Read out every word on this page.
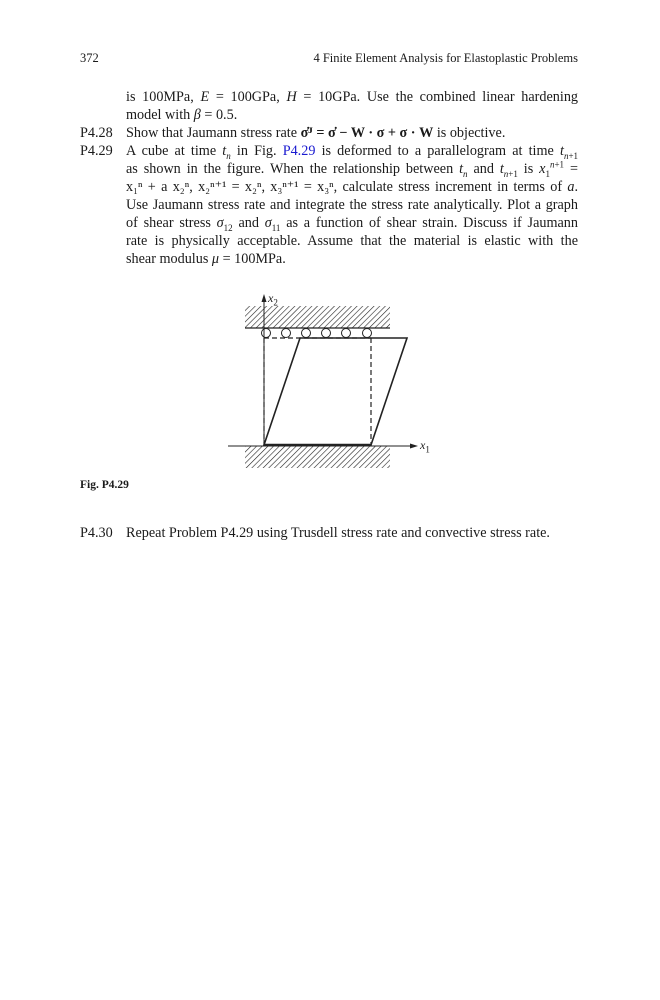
372	4 Finite Element Analysis for Elastoplastic Problems
is 100MPa, E = 100GPa, H = 10GPa. Use the combined linear hardening
model with β = 0.5.
P4.28 Show that Jaumann stress rate σ̇ᴶ = σ̇ − W · σ + σ · W is objective.
P4.29 A cube at time $t_n$ in Fig. P4.29 is deformed to a parallelogram at time $t_{n+1}$
as shown in the figure. When the relationship between $t_n$ and $t_{n+1}$ is $x_1^{n+1}$ =
x₁ⁿ + a x₂ⁿ, x₂ⁿ⁺¹ = x₂ⁿ, x₃ⁿ⁺¹ = x₃ⁿ, calculate stress increment in terms of a.
Use Jaumann stress rate and integrate the stress rate analytically. Plot a graph
of shear stress $\sigma_{12}$ and $\sigma_{11}$ as a function of shear strain. Discuss if Jaumann
rate is physically acceptable. Assume that the material is elastic with the
shear modulus μ = 100MPa.
$x_1$
$x_2$
Fig. P4.29
P4.30 Repeat Problem P4.29 using Trusdell stress rate and convective stress rate.
